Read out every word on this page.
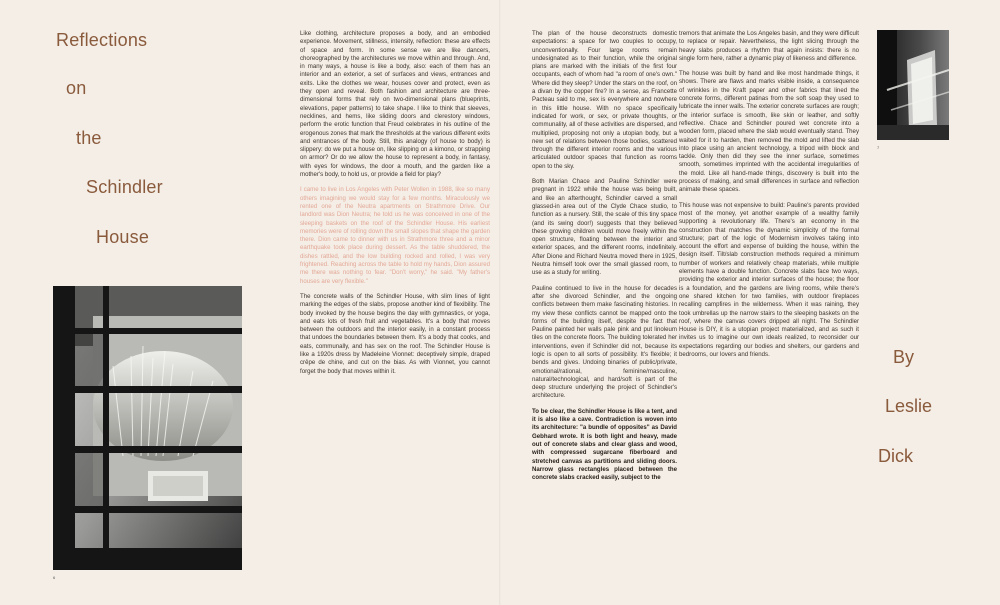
Reflections
on
the
Schindler
House
6

Like clothing, architecture proposes a body, and an embodied experience. Movement, stillness, intensity, reflection: these are effects of space and form. In some sense we are like dancers, choreographed by the architectures we move within and through. And, in many ways, a house is like a body, also: each of them has an interior and an exterior, a set of surfaces and views, entrances and exits. Like the clothes we wear, houses cover and protect, even as they open and reveal. Both fashion and architecture are three-dimensional forms that rely on two-dimensional plans (blueprints, elevations, paper patterns) to take shape. I like to think that sleeves, necklines, and hems, like sliding doors and clerestory windows, perform the erotic function that Freud celebrates in his outline of the erogenous zones that mark the thresholds at the various different exits and entrances of the body. Still, this analogy (of house to body) is slippery: do we put a house on, like slipping on a kimono, or strapping on armor? Or do we allow the house to represent a body, in fantasy, with eyes for windows, the door a mouth, and the garden like a mother's body, to hold us, or provide a field for play?

I came to live in Los Angeles with Peter Wollen in 1988, like so many others imagining we would stay for a few months. Miraculously we rented one of the Neutra apartments on Strathmore Drive. Our landlord was Dion Neutra; he told us he was conceived in one of the sleeping baskets on the roof of the Schindler House. His earliest memories were of rolling down the small slopes that shape the garden there. Dion came to dinner with us in Strathmore three and a minor earthquake took place during dessert. As the table shuddered, the dishes rattled, and the low building rocked and rolled, I was very frightened. Reaching across the table to hold my hands, Dion assured me there was nothing to fear. "Don't worry," he said. "My father's houses are very flexible."

The concrete walls of the Schindler House, with slim lines of light marking the edges of the slabs, propose another kind of flexibility. The body invoked by the house begins the day with gymnastics, or yoga, and eats lots of fresh fruit and vegetables. It's a body that moves between the outdoors and the interior easily, in a constant process that undoes the boundaries between them. It's a body that cooks, and eats, communally, and has sex on the roof. The Schindler House is like a 1920s dress by Madeleine Vionnet: deceptively simple, draped crêpe de chine, and cut on the bias. As with Vionnet, you cannot forget the body that moves within it.

The plan of the house deconstructs domestic expectations: a space for two couples to occupy, unconventionally. Four large rooms remain undesignated as to their function, while the original plans are marked with the initials of the first four occupants, each of whom had "a room of one's own." Where did they sleep? Under the stars on the roof, on a divan by the copper fire? In a sense, as Francette Pacteau said to me, sex is everywhere and nowhere in this little house. With no space specifically indicated for work, or sex, or private thoughts, or communality, all of these activities are dispersed, and multiplied, proposing not only a utopian body, but a new set of relations between those bodies, scattered through the different interior rooms and the various articulated outdoor spaces that function as rooms open to the sky.

Both Marian Chace and Pauline Schindler were pregnant in 1922 while the house was being built, and like an afterthought, Schindler carved a small glassed-in area out of the Clyde Chace studio, to function as a nursery. Still, the scale of this tiny space (and its swing door!) suggests that they believed these growing children would move freely within the open structure, floating between the interior and exterior spaces, and the different rooms, indefinitely. After Dione and Richard Neutra moved there in 1925, Neutra himself took over the small glassed room, to use as a study for writing.

Pauline continued to live in the house for decades after she divorced Schindler, and the ongoing conflicts between them make fascinating histories. In my view these conflicts cannot be mapped onto the forms of the building itself, despite the fact that Pauline painted her walls pale pink and put linoleum tiles on the concrete floors. The building tolerated her interventions, even if Schindler did not, because its logic is open to all sorts of possibility. It's flexible; it bends and gives. Undoing binaries of public/private, emotional/rational, feminine/masculine, natural/technological, and hard/soft is part of the deep structure underlying the project of Schindler's architecture.

To be clear, the Schindler House is like a tent, and it is also like a cave. Contradiction is woven into its architecture: "a bundle of opposites" as David Gebhard wrote. It is both light and heavy, made out of concrete slabs and clear glass and wood, with compressed sugarcane fiberboard and stretched canvas as partitions and sliding doors. Narrow glass rectangles placed between the concrete slabs cracked easily, subject to the

tremors that animate the Los Angeles basin, and they were difficult to replace or repair. Nevertheless, the light slicing through the heavy slabs produces a rhythm that again insists: there is no single form here, rather a dynamic play of likeness and difference.

The house was built by hand and like most handmade things, it shows. There are flaws and marks visible inside, a consequence of wrinkles in the Kraft paper and other fabrics that lined the concrete forms, different patinas from the soft soap they used to lubricate the inner walls. The exterior concrete surfaces are rough; the interior surface is smooth, like skin or leather, and softly reflective. Chace and Schindler poured wet concrete into a wooden form, placed where the slab would eventually stand. They waited for it to harden, then removed the mold and lifted the slab into place using an ancient technology, a tripod with block and tackle. Only then did they see the inner surface, sometimes smooth, sometimes imprinted with the accidental irregularities of the mold. Like all hand-made things, discovery is built into the process of making, and small differences in surface and reflection animate these spaces.

This house was not expensive to build: Pauline's parents provided most of the money, yet another example of a wealthy family supporting a revolutionary life. There's an economy in the construction that matches the dynamic simplicity of the formal structure; part of the logic of Modernism involves taking into account the effort and expense of building the house, within the design itself. Tilt/slab construction methods required a minimum number of workers and relatively cheap materials, while multiple elements have a double function. Concrete slabs face two ways, providing the exterior and interior surfaces of the house; the floor is a foundation, and the gardens are living rooms, while there's one shared kitchen for two families, with outdoor fireplaces recalling campfires in the wilderness. When it was raining, they took umbrellas up the narrow stairs to the sleeping baskets on the roof, where the canvas covers dripped all night. The Schindler House is DIY, it is a utopian project materialized, and as such it invites us to imagine our own ideals realized, to reconsider our expectations regarding our bodies and shelters, our gardens and bedrooms, our lovers and friends.

7
By
Leslie
Dick
